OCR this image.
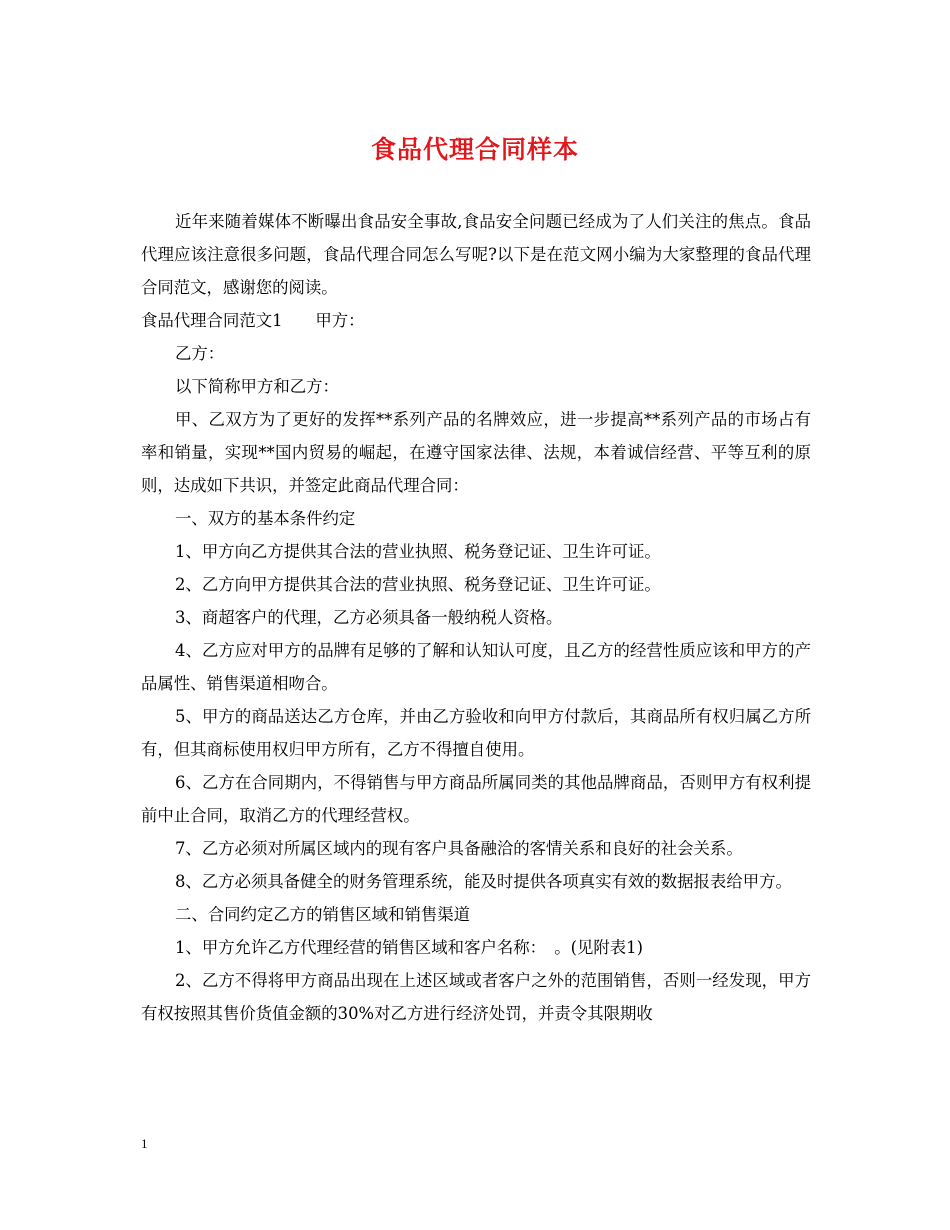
食品代理合同样本

近年来随着媒体不断曝出食品安全事故,食品安全问题已经成为了人们关注的焦点。食品代理应该注意很多问题，食品代理合同怎么写呢?以下是在范文网小编为大家整理的食品代理合同范文，感谢您的阅读。

食品代理合同范文1　　甲方：

乙方：

以下简称甲方和乙方：

甲、乙双方为了更好的发挥**系列产品的名牌效应，进一步提高**系列产品的市场占有率和销量，实现**国内贸易的崛起，在遵守国家法律、法规，本着诚信经营、平等互利的原则，达成如下共识，并签定此商品代理合同：

一、双方的基本条件约定

1、甲方向乙方提供其合法的营业执照、税务登记证、卫生许可证。

2、乙方向甲方提供其合法的营业执照、税务登记证、卫生许可证。

3、商超客户的代理，乙方必须具备一般纳税人资格。

4、乙方应对甲方的品牌有足够的了解和认知认可度，且乙方的经营性质应该和甲方的产品属性、销售渠道相吻合。

5、甲方的商品送达乙方仓库，并由乙方验收和向甲方付款后，其商品所有权归属乙方所有，但其商标使用权归甲方所有，乙方不得擅自使用。

6、乙方在合同期内，不得销售与甲方商品所属同类的其他品牌商品，否则甲方有权利提前中止合同，取消乙方的代理经营权。

7、乙方必须对所属区域内的现有客户具备融洽的客情关系和良好的社会关系。

8、乙方必须具备健全的财务管理系统，能及时提供各项真实有效的数据报表给甲方。

二、合同约定乙方的销售区域和销售渠道

1、甲方允许乙方代理经营的销售区域和客户名称：　。(见附表1)

2、乙方不得将甲方商品出现在上述区域或者客户之外的范围销售，否则一经发现，甲方有权按照其售价货值金额的30%对乙方进行经济处罚，并责令其限期收

1
